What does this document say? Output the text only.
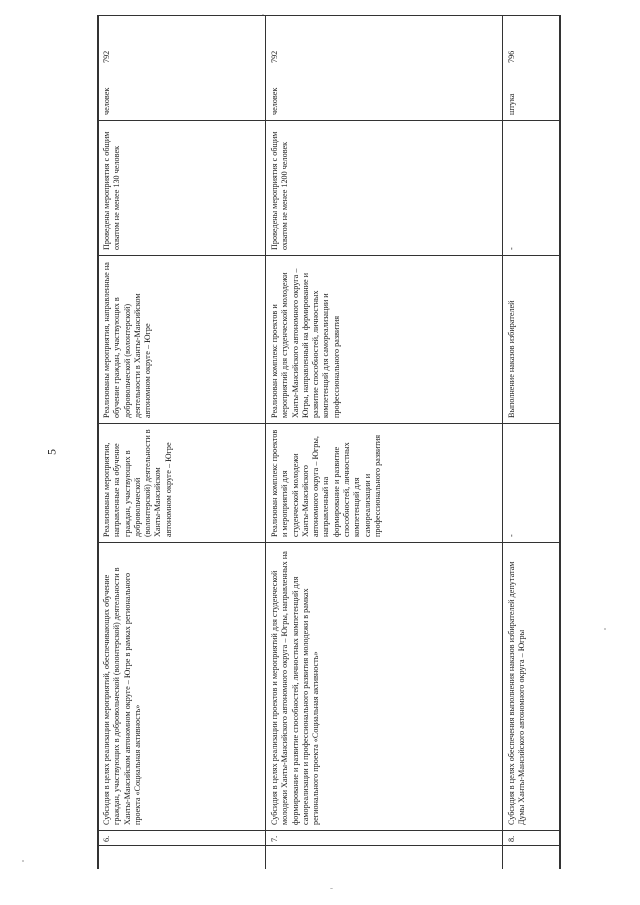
5
6.
Субсидия в целях реализации мероприятий, обеспечивающих обучение граждан, участвующих в добровольческой (волонтерской) деятельности в Ханты-Мансийском автономном округе – Югре в рамках регионального проекта «Социальная активность»
Реализованы мероприятия, направленные на обучение граждан, участвующих в добровольческой (волонтерской) деятельности в Ханты-Мансийском автономном округе – Югре
Реализованы мероприятия, направленные на обучение граждан, участвующих в добровольческой (волонтерской) деятельности в Ханты-Мансийском автономном округе – Югре
Проведены мероприятия с общим охватом не менее 130 человек
человек
792
7.
Субсидия в целях реализации проектов и мероприятий для студенческой молодежи Ханты-Мансийского автономного округа – Югры, направленных на формирование и развитие способностей, личностных компетенций для самореализации и профессионального развития молодежи в рамках регионального проекта «Социальная активность»
Реализован комплекс проектов и мероприятий для студенческой молодежи Ханты-Мансийского автономного округа – Югры, направленный на формирование и развитие способностей, личностных компетенций для самореализации и профессионального развития
Реализован комплекс проектов и мероприятий для студенческой молодежи Ханты-Мансийского автономного округа – Югры, направленный на формирование и развитие способностей, личностных компетенций для самореализации и профессионального развития
Проведены мероприятия с общим охватом не менее 1200 человек
человек
792
8.
Субсидия в целях обеспечения выполнения наказов избирателей депутатам Думы Ханты-Мансийского автономного округа – Югры
-
Выполнение наказов избирателей
-
штука
796
